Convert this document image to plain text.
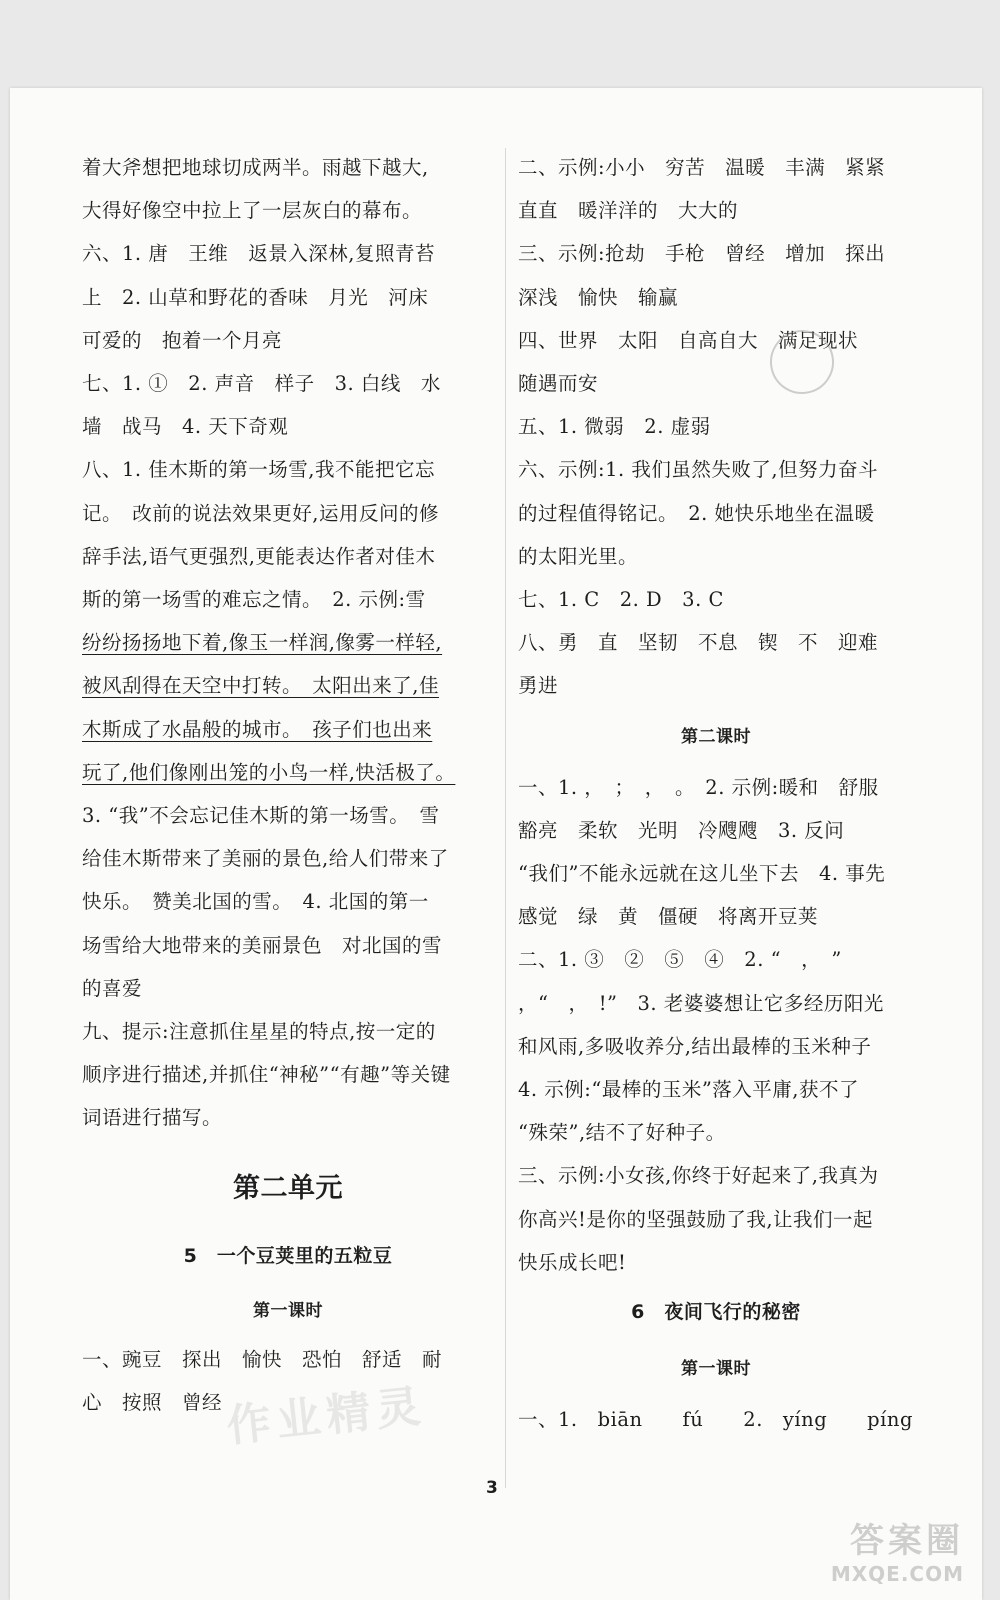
着大斧想把地球切成两半。雨越下越大,
大得好像空中拉上了一层灰白的幕布。
六、1. 唐　王维　返景入深林,复照青苔
上　2. 山草和野花的香味　月光　河床
可爱的　抱着一个月亮
七、1. ①　2. 声音　样子　3. 白线　水
墙　战马　4. 天下奇观
八、1. 佳木斯的第一场雪,我不能把它忘
记。　改前的说法效果更好,运用反问的修
辞手法,语气更强烈,更能表达作者对佳木
斯的第一场雪的难忘之情。　2. 示例:雪
纷纷扬扬地下着,像玉一样润,像雾一样轻,
被风刮得在天空中打转。　太阳出来了,佳
木斯成了水晶般的城市。　孩子们也出来
玩了,他们像刚出笼的小鸟一样,快活极了。
3. “我”不会忘记佳木斯的第一场雪。　雪
给佳木斯带来了美丽的景色,给人们带来了
快乐。　赞美北国的雪。　4. 北国的第一
场雪给大地带来的美丽景色　对北国的雪
的喜爱
九、提示:注意抓住星星的特点,按一定的
顺序进行描述,并抓住“神秘”“有趣”等关键
词语进行描写。
第二单元
5　一个豆荚里的五粒豆
第一课时
一、豌豆　探出　愉快　恐怕　舒适　耐
心　按照　曾经
二、示例:小小　穷苦　温暖　丰满　紧紧
直直　暖洋洋的　大大的
三、示例:抢劫　手枪　曾经　增加　探出
深浅　愉快　输赢
四、世界　太阳　自高自大　满足现状
随遇而安
五、1. 微弱　2. 虚弱
六、示例:1. 我们虽然失败了,但努力奋斗
的过程值得铭记。　2. 她快乐地坐在温暖
的太阳光里。
七、1. C　2. D　3. C
八、勇　直　坚韧　不息　锲　不　迎难
勇进
第二课时
一、1. ，　；　，　。　2. 示例:暖和　舒服
豁亮　柔软　光明　冷飕飕　3. 反问
“我们”不能永远就在这儿坐下去　4. 事先
感觉　绿　黄　僵硬　将离开豆荚
二、1. ③　②　⑤　④　2. “　，　”
，“　，　!”　3. 老婆婆想让它多经历阳光
和风雨,多吸收养分,结出最棒的玉米种子
4. 示例:“最棒的玉米”落入平庸,获不了
“殊荣”,结不了好种子。
三、示例:小女孩,你终于好起来了,我真为
你高兴!是你的坚强鼓励了我,让我们一起
快乐成长吧!
6　夜间飞行的秘密
第一课时
一、1.　biān　　fú　　2.　yíng　　píng
作业精灵
3
答案圈
MXQE.COM
